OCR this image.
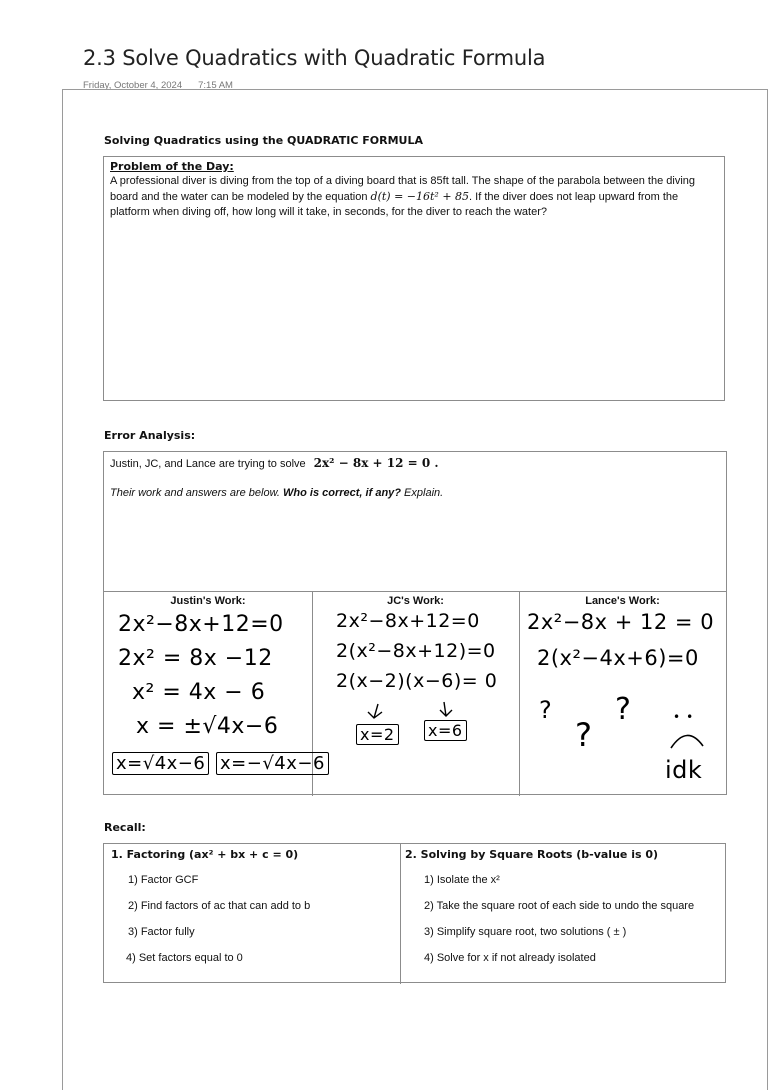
2.3 Solve Quadratics with Quadratic Formula
Friday, October 4, 2024 7:15 AM
Solving Quadratics using the QUADRATIC FORMULA
Problem of the Day:
A professional diver is diving from the top of a diving board that is 85ft tall. The shape of the parabola between the diving board and the water can be modeled by the equation d(t) = −16t² + 85. If the diver does not leap upward from the platform when diving off, how long will it take, in seconds, for the diver to reach the water?
Error Analysis:
Justin, JC, and Lance are trying to solve 2x² − 8x + 12 = 0 .
Their work and answers are below. Who is correct, if any? Explain.
Justin's Work:
2x²−8x+12=0
2x² = 8x −12
x² = 4x − 6
x = ±√4x−6
x=√4x−6 x=−√4x−6
JC's Work:
2x²−8x+12=0
2(x²−8x+12)=0
2(x−2)(x−6)= 0
x=2 x=6
Lance's Work:
2x²−8x + 12 = 0
2(x²−4x+6)=0
?
?
?	••
idk
Recall:
1. Factoring (ax² + bx + c = 0)
1) Factor GCF
2) Find factors of ac that can add to b
3) Factor fully
4) Set factors equal to 0
2. Solving by Square Roots (b-value is 0)
1) Isolate the x²
2) Take the square root of each side to undo the square
3) Simplify square root, two solutions ( ± )
4) Solve for x if not already isolated
